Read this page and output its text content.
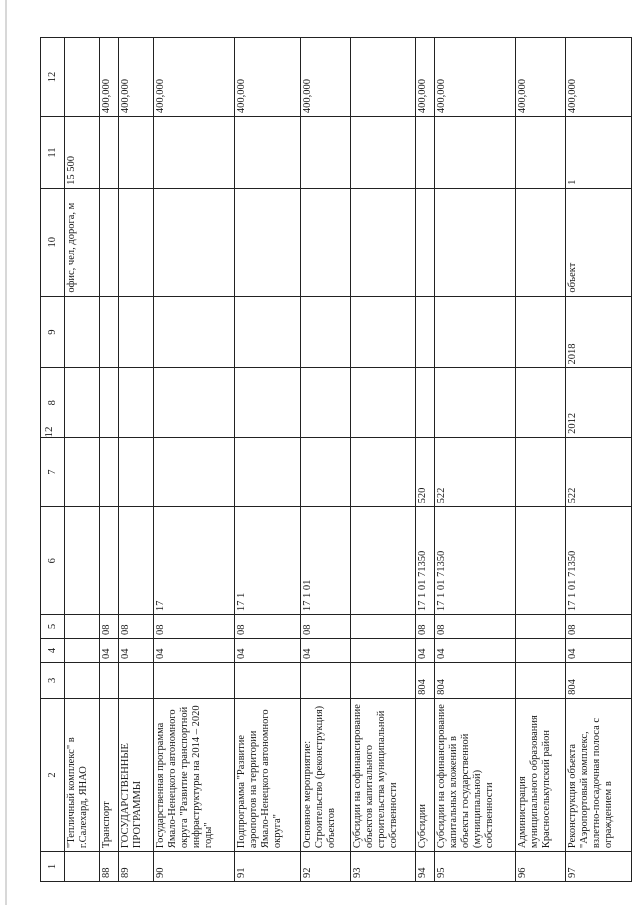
12
1	2	3	4	5	6	7	8	9	10	11	12
	"Тепличный комплекс" в г.Салехард, ЯНАО								офис, чел, дорога, м	15 500	
88	Транспорт		04	08							400,000
89	ГОСУДАРСТВЕННЫЕ ПРОГРАММЫ		04	08							400,000
90	Государственная программа Ямало-Ненецкого автономного округа "Развитие транспортной инфраструктуры на 2014 – 2020 годы"		04	08	17						400,000
91	Подпрограмма "Развитие аэропортов на территории Ямало-Ненецкого автономного округа"		04	08	17 1						400,000
92	Основное мероприятие: Строительство (реконструкция) объектов		04	08	17 1 01						400,000
93	Субсидии на софинансирование объектов капитального строительства муниципальной собственности										
94	Субсидии	804	04	08	17 1 01 71350	520					400,000
95	Субсидии на софинансирование капитальных вложений в объекты государственной (муниципальной) собственности	804	04	08	17 1 01 71350	522					400,000
96	Администрация муниципального образования Красноселькупский район										400,000
97	Реконструкция объекта "Аэропортовый комплекс, взлетно-посадочная полоса с ограждением в	804	04	08	17 1 01 71350	522	2012	2018	объект	1	400,000
